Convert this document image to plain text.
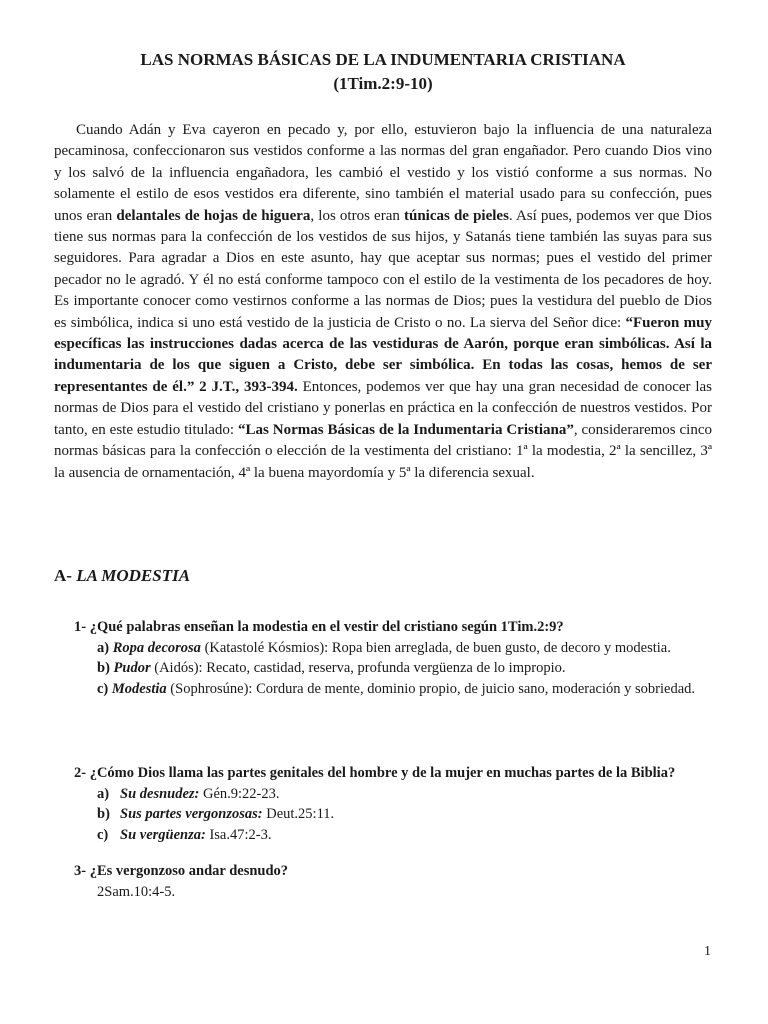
LAS NORMAS BÁSICAS DE LA INDUMENTARIA CRISTIANA
(1Tim.2:9-10)

Cuando Adán y Eva cayeron en pecado y, por ello, estuvieron bajo la influencia de una naturaleza pecaminosa, confeccionaron sus vestidos conforme a las normas del gran engañador. Pero cuando Dios vino y los salvó de la influencia engañadora, les cambió el vestido y los vistió conforme a sus normas. No solamente el estilo de esos vestidos era diferente, sino también el material usado para su confección, pues unos eran delantales de hojas de higuera, los otros eran túnicas de pieles. Así pues, podemos ver que Dios tiene sus normas para la confección de los vestidos de sus hijos, y Satanás tiene también las suyas para sus seguidores. Para agradar a Dios en este asunto, hay que aceptar sus normas; pues el vestido del primer pecador no le agradó. Y él no está conforme tampoco con el estilo de la vestimenta de los pecadores de hoy. Es importante conocer como vestirnos conforme a las normas de Dios; pues la vestidura del pueblo de Dios es simbólica, indica si uno está vestido de la justicia de Cristo o no. La sierva del Señor dice: “Fueron muy específicas las instrucciones dadas acerca de las vestiduras de Aarón, porque eran simbólicas. Así la indumentaria de los que siguen a Cristo, debe ser simbólica. En todas las cosas, hemos de ser representantes de él.” 2 J.T., 393-394. Entonces, podemos ver que hay una gran necesidad de conocer las normas de Dios para el vestido del cristiano y ponerlas en práctica en la confección de nuestros vestidos. Por tanto, en este estudio titulado: “Las Normas Básicas de la Indumentaria Cristiana”, consideraremos cinco normas básicas para la confección o elección de la vestimenta del cristiano: 1ª la modestia, 2ª la sencillez, 3ª la ausencia de ornamentación, 4ª la buena mayordomía y 5ª la diferencia sexual.

A- LA MODESTIA

1- ¿Qué palabras enseñan la modestia en el vestir del cristiano según 1Tim.2:9?

a) Ropa decorosa (Katastolé Kósmios): Ropa bien arreglada, de buen gusto, de decoro y modestia.

b) Pudor (Aidós): Recato, castidad, reserva, profunda vergüenza de lo impropio.

c) Modestia (Sophrosúne): Cordura de mente, dominio propio, de juicio sano, moderación y sobriedad.

2- ¿Cómo Dios llama las partes genitales del hombre y de la mujer en muchas partes de la Biblia?

a) Su desnudez: Gén.9:22-23.
b) Sus partes vergonzosas: Deut.25:11.
c) Su vergüenza: Isa.47:2-3.

3- ¿Es vergonzoso andar desnudo?

2Sam.10:4-5.

1
